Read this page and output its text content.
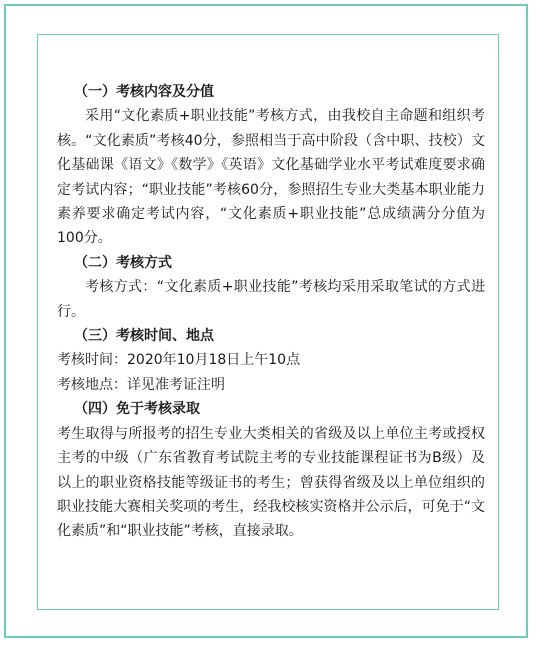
（一）考核内容及分值
采用“文化素质+职业技能”考核方式，由我校自主命题和组织考核。“文化素质”考核40分，参照相当于高中阶段（含中职、技校）文化基础课《语文》《数学》《英语》文化基础学业水平考试难度要求确定考试内容；“职业技能”考核60分，参照招生专业大类基本职业能力素养要求确定考试内容，“文化素质+职业技能”总成绩满分分值为100分。
（二）考核方式
考核方式：“文化素质+职业技能”考核均采用采取笔试的方式进行。
（三）考核时间、地点
考核时间：2020年10月18日上午10点
考核地点：详见准考证注明
（四）免于考核录取
考生取得与所报考的招生专业大类相关的省级及以上单位主考或授权主考的中级（广东省教育考试院主考的专业技能课程证书为B级）及以上的职业资格技能等级证书的考生；曾获得省级及以上单位组织的职业技能大赛相关奖项的考生，经我校核实资格并公示后，可免于“文化素质”和“职业技能”考核，直接录取。
